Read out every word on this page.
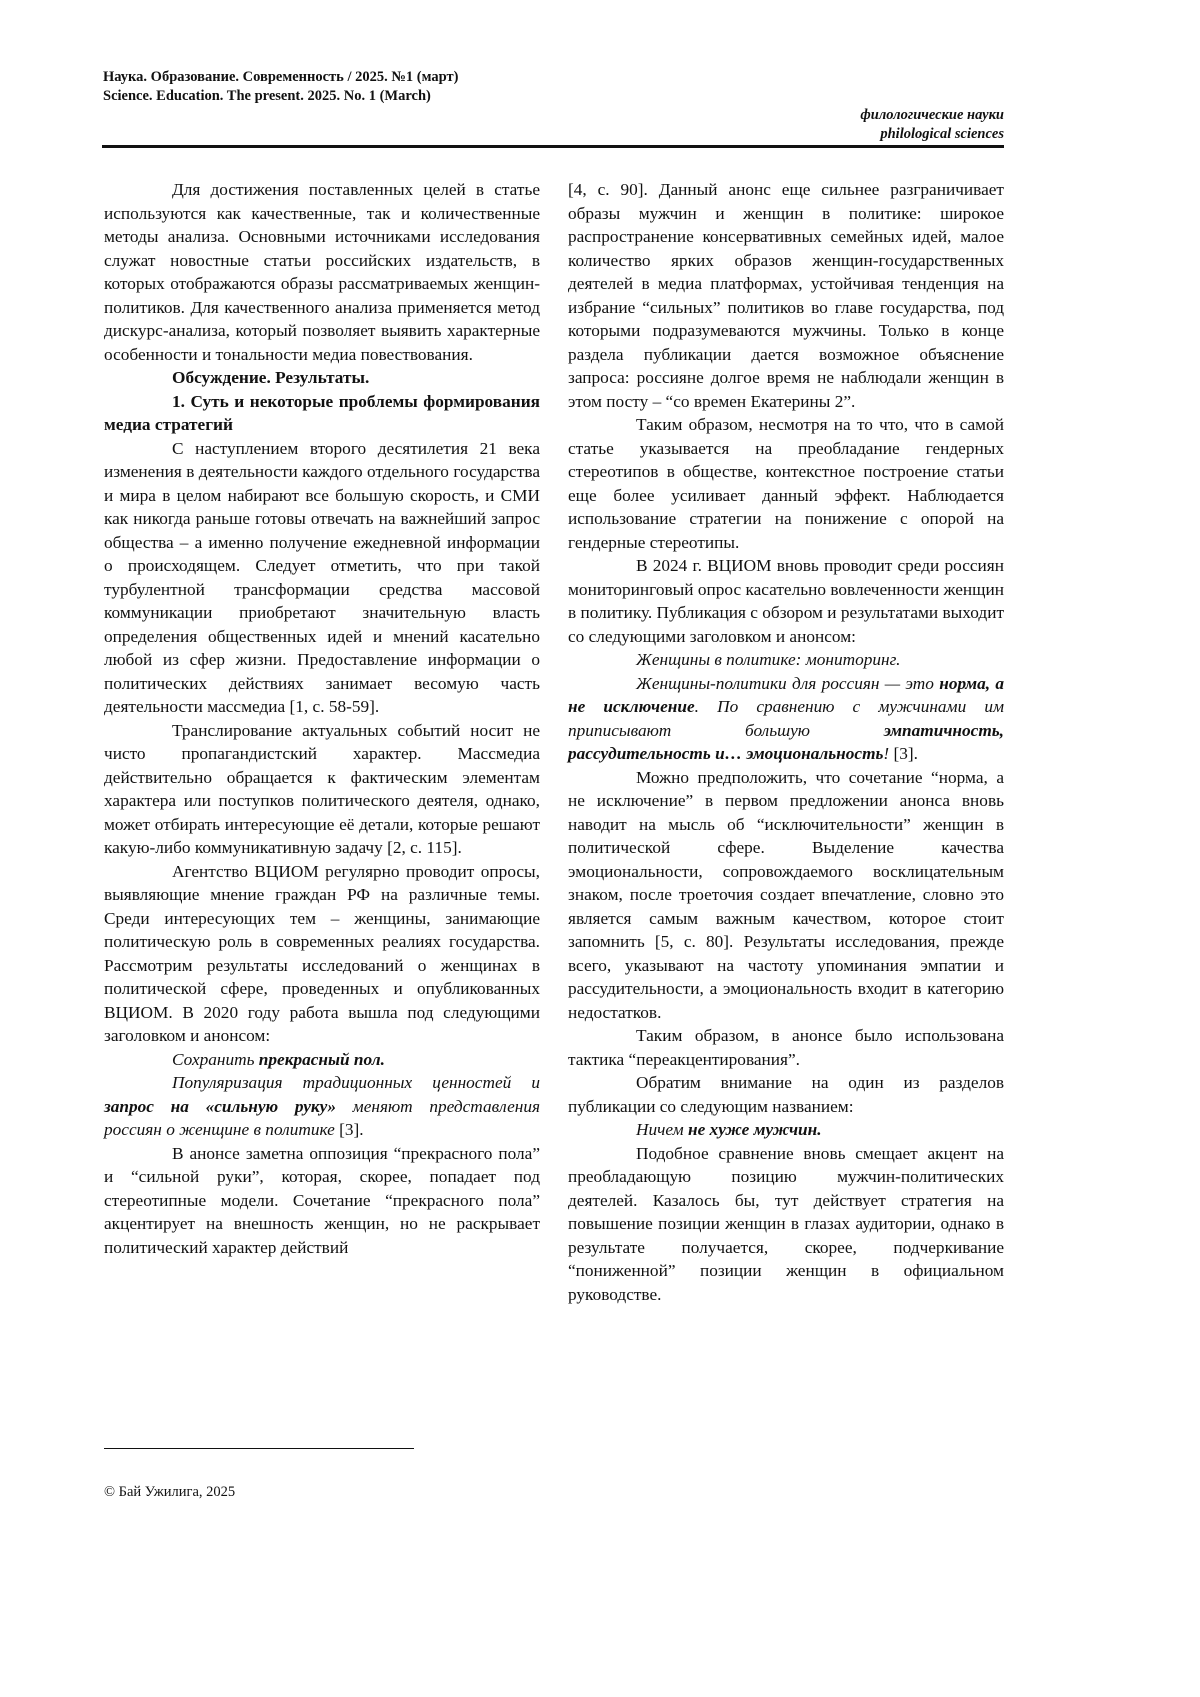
Наука. Образование. Современность / 2025. №1 (март)
Science. Education. The present. 2025. No. 1 (March)
филологические науки
philological sciences

Для достижения поставленных целей в статье используются как качественные, так и количественные методы анализа. Основными источниками исследования служат новостные статьи российских издательств, в которых отображаются образы рассматриваемых женщин-политиков. Для качественного анализа применяется метод дискурс-анализа, который позволяет выявить характерные особенности и тональности медиа повествования.

Обсуждение. Результаты.

1. Суть и некоторые проблемы формирования медиа стратегий

С наступлением второго десятилетия 21 века изменения в деятельности каждого отдельного государства и мира в целом набирают все большую скорость, и СМИ как никогда раньше готовы отвечать на важнейший запрос общества – а именно получение ежедневной информации о происходящем. Следует отметить, что при такой турбулентной трансформации средства массовой коммуникации приобретают значительную власть определения общественных идей и мнений касательно любой из сфер жизни. Предоставление информации о политических действиях занимает весомую часть деятельности массмедиа [1, с. 58-59].

Транслирование актуальных событий носит не чисто пропагандистский характер. Массмедиа действительно обращается к фактическим элементам характера или поступков политического деятеля, однако, может отбирать интересующие её детали, которые решают какую-либо коммуникативную задачу [2, с. 115].

Агентство ВЦИОМ регулярно проводит опросы, выявляющие мнение граждан РФ на различные темы. Среди интересующих тем – женщины, занимающие политическую роль в современных реалиях государства. Рассмотрим результаты исследований о женщинах в политической сфере, проведенных и опубликованных ВЦИОМ. В 2020 году работа вышла под следующими заголовком и анонсом:

Сохранить прекрасный пол.

Популяризация традиционных ценностей и запрос на «сильную руку» меняют представления россиян о женщине в политике [3].

В анонсе заметна оппозиция “прекрасного пола” и “сильной руки”, которая, скорее, попадает под стереотипные модели. Сочетание “прекрасного пола” акцентирует на внешность женщин, но не раскрывает политический характер действий

[4, с. 90]. Данный анонс еще сильнее разграничивает образы мужчин и женщин в политике: широкое распространение консервативных семейных идей, малое количество ярких образов женщин-государственных деятелей в медиа платформах, устойчивая тенденция на избрание “сильных” политиков во главе государства, под которыми подразумеваются мужчины. Только в конце раздела публикации дается возможное объяснение запроса: россияне долгое время не наблюдали женщин в этом посту – “со времен Екатерины 2”.

Таким образом, несмотря на то что, что в самой статье указывается на преобладание гендерных стереотипов в обществе, контекстное построение статьи еще более усиливает данный эффект. Наблюдается использование стратегии на понижение с опорой на гендерные стереотипы.

В 2024 г. ВЦИОМ вновь проводит среди россиян мониторинговый опрос касательно вовлеченности женщин в политику. Публикация с обзором и результатами выходит со следующими заголовком и анонсом:

Женщины в политике: мониторинг.

Женщины-политики для россиян — это норма, а не исключение. По сравнению с мужчинами им приписывают большую эмпатичность, рассудительность и… эмоциональность! [3].

Можно предположить, что сочетание “норма, а не исключение” в первом предложении анонса вновь наводит на мысль об “исключительности” женщин в политической сфере. Выделение качества эмоциональности, сопровождаемого восклицательным знаком, после троеточия создает впечатление, словно это является самым важным качеством, которое стоит запомнить [5, с. 80]. Результаты исследования, прежде всего, указывают на частоту упоминания эмпатии и рассудительности, а эмоциональность входит в категорию недостатков.

Таким образом, в анонсе было использована тактика “переакцентирования”.

Обратим внимание на один из разделов публикации со следующим названием:

Ничем не хуже мужчин.

Подобное сравнение вновь смещает акцент на преобладающую позицию мужчин-политических деятелей. Казалось бы, тут действует стратегия на повышение позиции женщин в глазах аудитории, однако в результате получается, скорее, подчеркивание “пониженной” позиции женщин в официальном руководстве.

© Бай Ужилига, 2025
